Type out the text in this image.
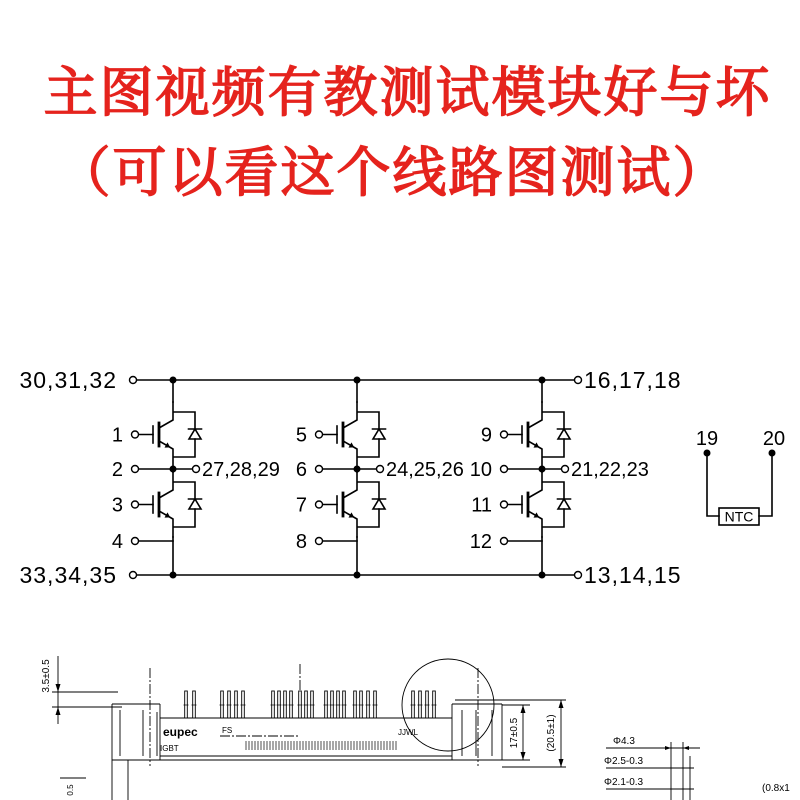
主图视频有教测试模块好与坏
（可以看这个线路图测试）
30,31,32	16,17,18
33,34,35	13,14,15
1
2
3
4
27,28,29
5
6
7
8
24,25,26
9
10
11
12
21,22,23
19 20
NTC
3.5±0.5
eupec
IGBT
FS	JJWL	17±0.5	(20.5±1)	Φ4.3
Φ2.5-0.3
Φ2.1-0.3
(0.8x1
0.5
